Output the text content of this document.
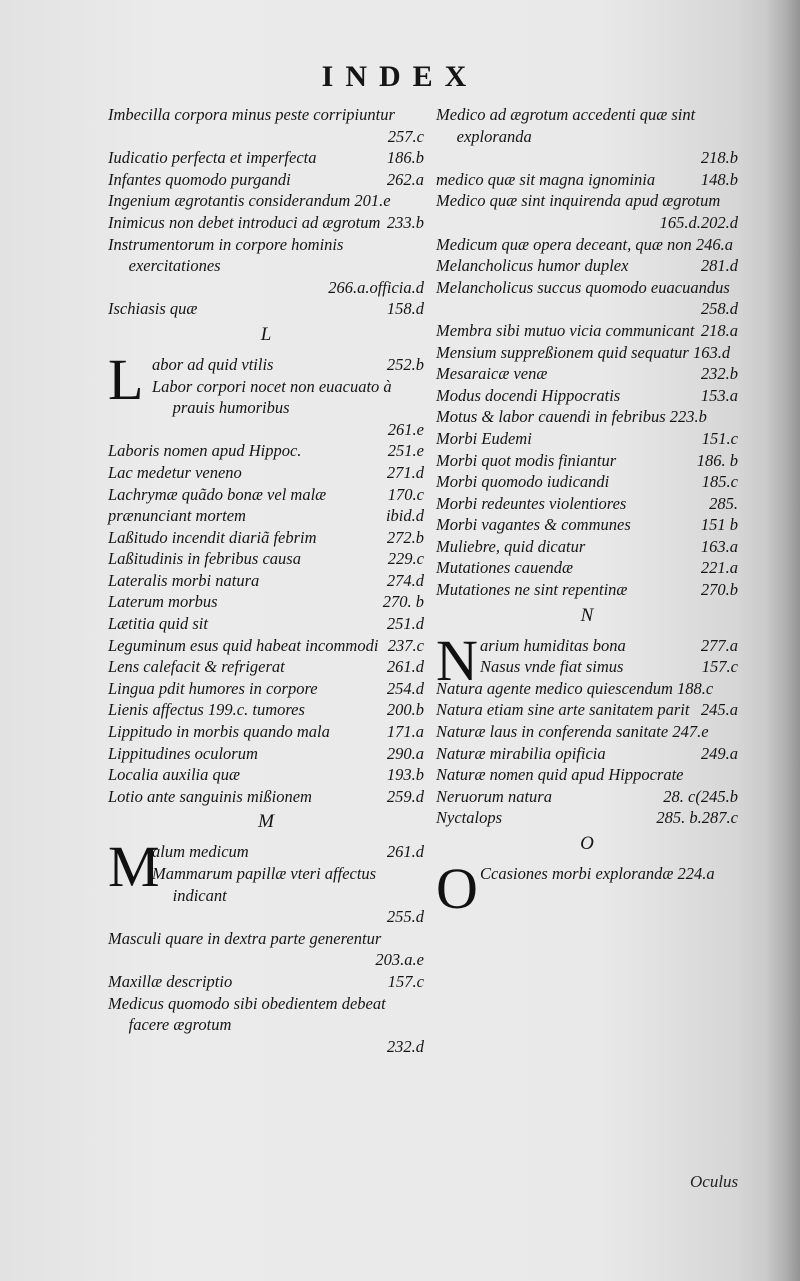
INDEX
Imbecilla corpora minus peste corripiuntur
257.c
Iudicatio perfecta et imperfecta	186.b
Infantes quomodo purgandi	262.a
Ingenium ægrotantis considerandum 201.e
Inimicus non debet introduci ad ægrotum 233.b
Instrumentorum in corpore hominis exercitationes
266.a.officia.d
Ischiasis quæ	158.d
L
L abor ad quid vtilis	252.b
Labor corpori nocet non euacuato à prauis humoribus
261.e
Laboris nomen apud Hippoc.	251.e
Lac medetur veneno	271.d
Lachrymæ quãdo bonæ vel malæ	170.c
prænunciant mortem	ibid.d
Laßitudo incendit diariã febrim	272.b
Laßitudinis in febribus causa	229.c
Lateralis morbi natura	274.d
Laterum morbus	270. b
Lætitia quid sit	251.d
Leguminum esus quid habeat incommodi 237.c
Lens calefacit & refrigerat	261.d
Lingua pdit humores in corpore	254.d
Lienis affectus 199.c. tumores	200.b
Lippitudo in morbis quando mala	171.a
Lippitudines oculorum	290.a
Localia auxilia quæ	193.b
Lotio ante sanguinis mißionem	259.d
M
M
alum medicum	261.d
Mammarum papillæ vteri affectus indicant
255.d
Masculi quare in dextra parte generentur
203.a.e
Maxillæ descriptio	157.c
Medicus quomodo sibi obedientem debeat facere ægrotum
232.d
Medico ad ægrotum accedenti quæ sint exploranda
218.b
medico quæ sit magna ignominia	148.b
Medico quæ sint inquirenda apud ægrotum
165.d.202.d
Medicum quæ opera deceant, quæ non 246.a
Melancholicus humor duplex	281.d
Melancholicus succus quomodo euacuandus
258.d
Membra sibi mutuo vicia communicant 218.a
Mensium suppreßionem quid sequatur 163.d
Mesaraicæ venæ	232.b
Modus docendi Hippocratis	153.a
Motus & labor cauendi in febribus 223.b
Morbi Eudemi	151.c
Morbi quot modis finiantur	186. b
Morbi quomodo iudicandi	185.c
Morbi redeuntes violentiores	285.
Morbi vagantes & communes	151 b
Muliebre, quid dicatur	163.a
Mutationes cauendæ	221.a
Mutationes ne sint repentinæ	270.b
N
N arium humiditas bona	277.a
Nasus vnde fiat simus	157.c
Natura agente medico quiescendum 188.c
Natura etiam sine arte sanitatem parit 245.a
Naturæ laus in conferenda sanitate 247.e
Naturæ mirabilia opificia	249.a
Naturæ nomen quid apud Hippocrate
Neruorum natura	28. c(245.b
Nyctalops	285. b.287.c
O
O Ccasiones morbi explorandæ 224.a
Oculus
